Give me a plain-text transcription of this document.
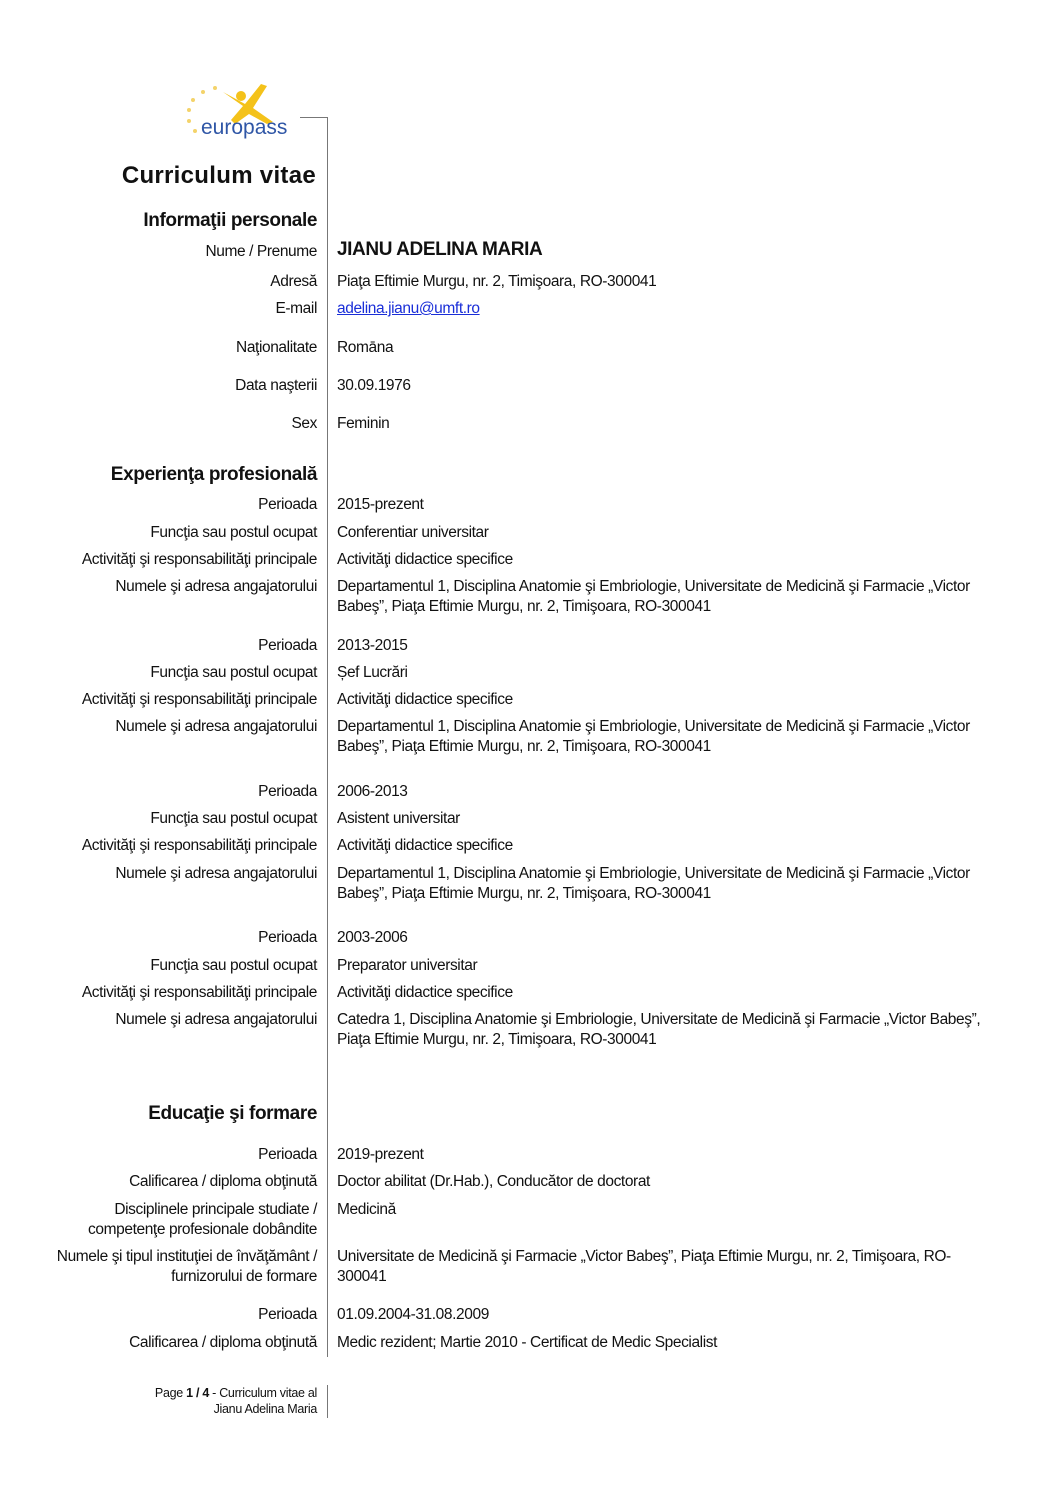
europass
Curriculum vitae
Informaţii personale
Nume / Prenume JIANU ADELINA MARIA
Adresă Piaţa Eftimie Murgu, nr. 2, Timişoara, RO-300041
E-mail adelina.jianu@umft.ro
Naţionalitate Romāna
Data naşterii 30.09.1976
Sex Feminin
Experienţa profesională
Perioada 2015-prezent
Funcţia sau postul ocupat Conferentiar universitar
Activităţi şi responsabilităţi principale Activităţi didactice specifice
Numele şi adresa angajatorului Departamentul 1, Disciplina Anatomie şi Embriologie, Universitate de Medicină şi Farmacie „Victor Babeş”, Piaţa Eftimie Murgu, nr. 2, Timişoara, RO-300041
Perioada 2013-2015
Funcţia sau postul ocupat Șef Lucrări
Activităţi şi responsabilităţi principale Activităţi didactice specifice
Numele şi adresa angajatorului Departamentul 1, Disciplina Anatomie şi Embriologie, Universitate de Medicină şi Farmacie „Victor Babeş”, Piaţa Eftimie Murgu, nr. 2, Timişoara, RO-300041
Perioada 2006-2013
Funcţia sau postul ocupat Asistent universitar
Activităţi şi responsabilităţi principale Activităţi didactice specifice
Numele şi adresa angajatorului Departamentul 1, Disciplina Anatomie şi Embriologie, Universitate de Medicină şi Farmacie „Victor Babeş”, Piaţa Eftimie Murgu, nr. 2, Timişoara, RO-300041
Perioada 2003-2006
Funcţia sau postul ocupat Preparator universitar
Activităţi şi responsabilităţi principale Activităţi didactice specifice
Numele şi adresa angajatorului Catedra 1, Disciplina Anatomie şi Embriologie, Universitate de Medicină şi Farmacie „Victor Babeş”, Piaţa Eftimie Murgu, nr. 2, Timişoara, RO-300041
Educaţie şi formare
Perioada 2019-prezent
Calificarea / diploma obţinută Doctor abilitat (Dr.Hab.), Conducător de doctorat
Disciplinele principale studiate / competenţe profesionale dobândite
Medicină
Numele şi tipul instituţiei de învăţământ / furnizorului de formare
Universitate de Medicină şi Farmacie „Victor Babeş”, Piaţa Eftimie Murgu, nr. 2, Timişoara, RO-300041
Perioada 01.09.2004-31.08.2009
Calificarea / diploma obţinută Medic rezident; Martie 2010 - Certificat de Medic Specialist
Page 1 / 4 - Curriculum vitae al
Jianu Adelina Maria
